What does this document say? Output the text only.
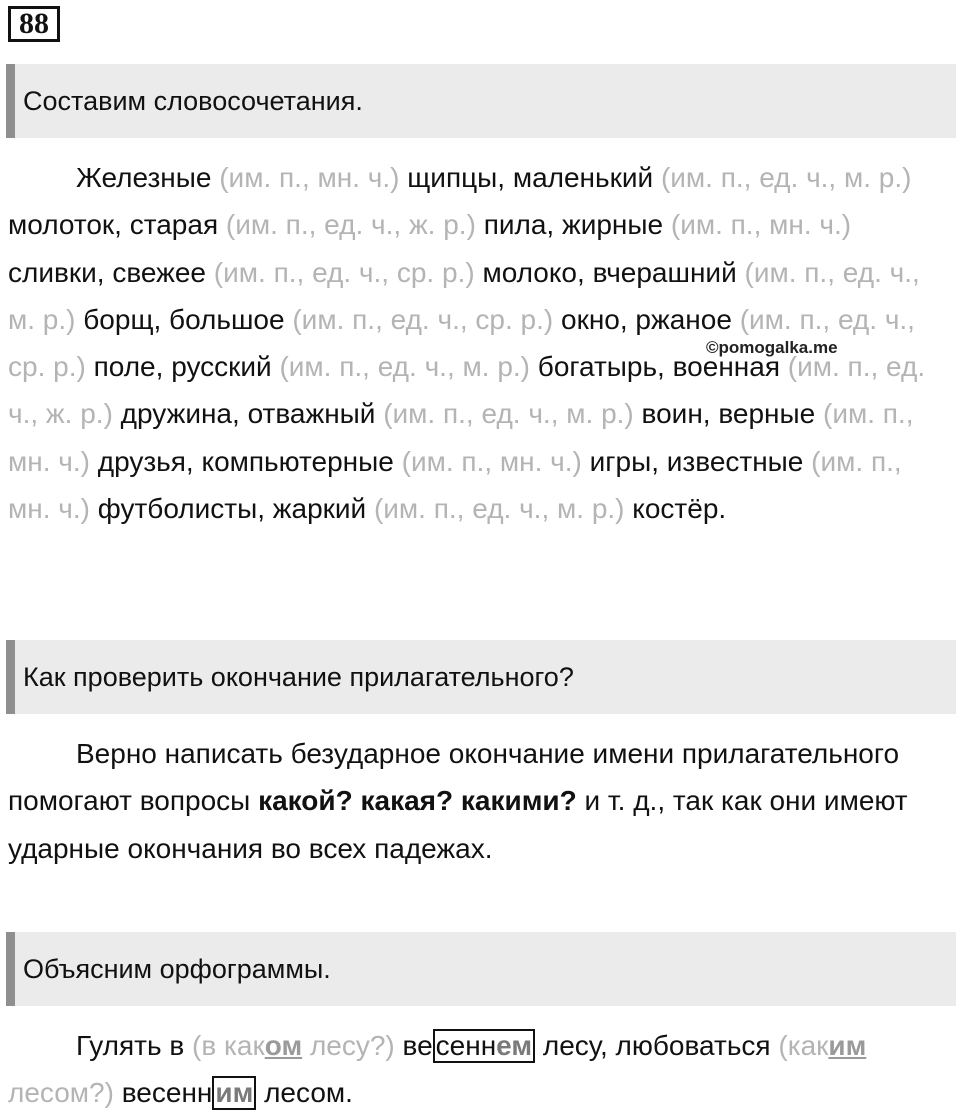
88
Составим словосочетания.

Железные (им. п., мн. ч.) щипцы, маленький (им. п., ед. ч., м. р.) молоток, старая (им. п., ед. ч., ж. р.) пила, жирные (им. п., мн. ч.) сливки, свежее (им. п., ед. ч., ср. р.) молоко, вчерашний (им. п., ед. ч., м. р.) борщ, большое (им. п., ед. ч., ср. р.) окно, ржаное (им. п., ед. ч., ср. р.) поле, русский (им. п., ед. ч., м. р.) богатырь, военная (им. п., ед. ч., ж. р.) дружина, отважный (им. п., ед. ч., м. р.) воин, верные (им. п., мн. ч.) друзья, компьютерные (им. п., мн. ч.) игры, известные (им. п., мн. ч.) футболисты, жаркий (им. п., ед. ч., м. р.) костёр.

©pomogalka.me
Как проверить окончание прилагательного?

Верно написать безударное окончание имени прилагательного помогают вопросы какой? какая? какими? и т. д., так как они имеют ударные окончания во всех падежах.

Объясним орфограммы.

Гулять в (в каком лесу?) ве сеннем лесу, любоваться (каким лесом?) весенн им лесом.
